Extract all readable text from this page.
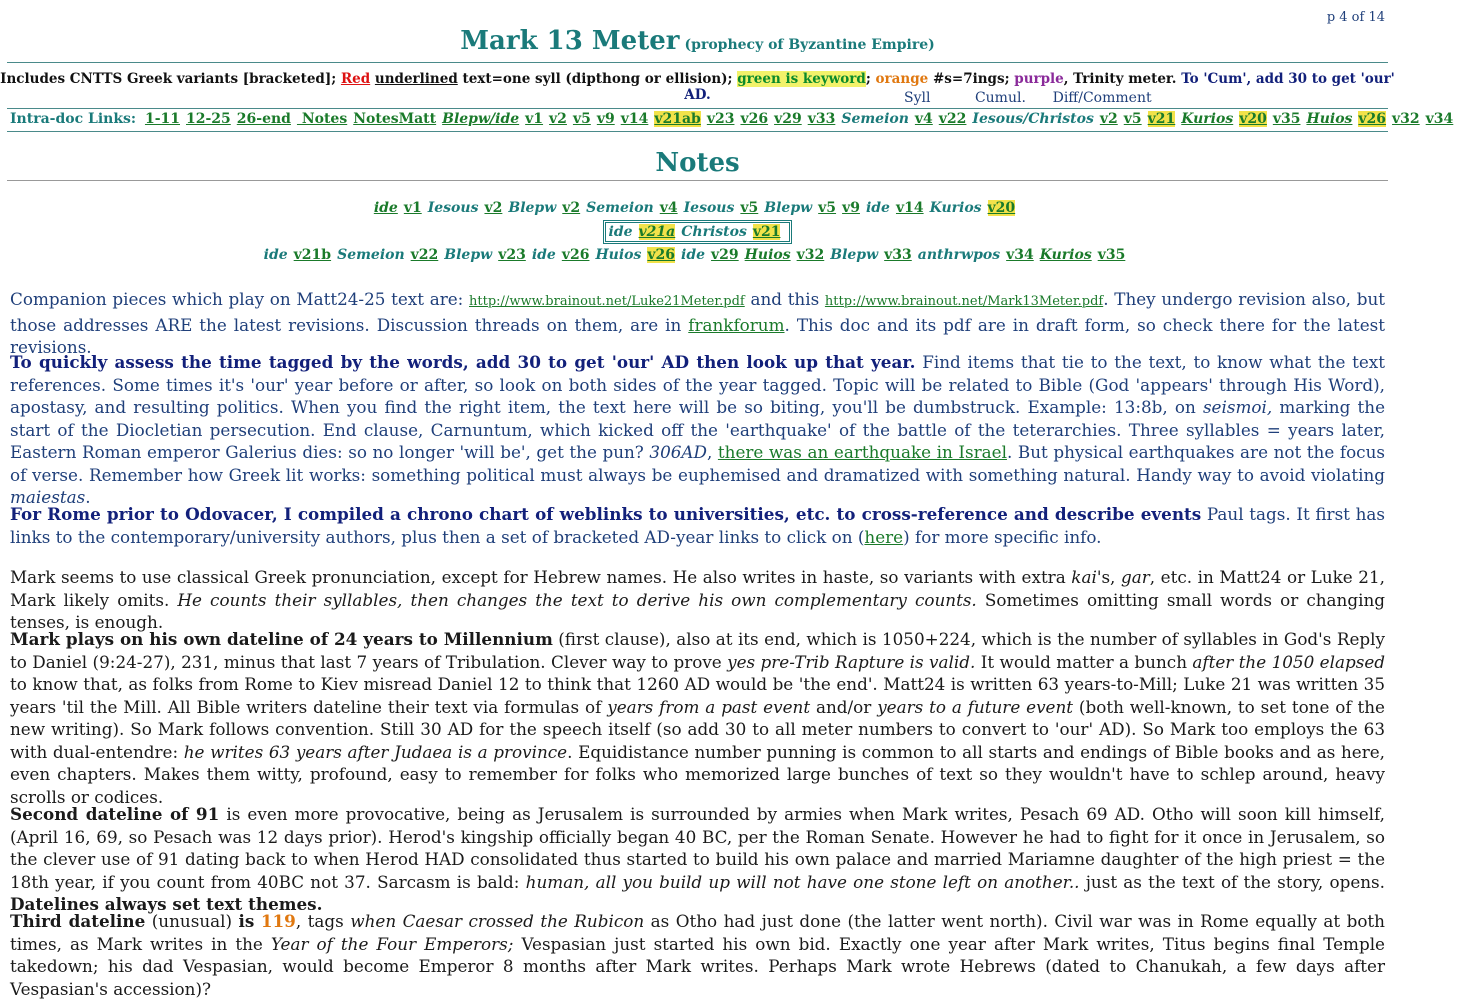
p 4 of 14
Mark 13 Meter (prophecy of Byzantine Empire)
Includes CNTTS Greek variants [bracketed]; Red underlined text=one syll (dipthong or ellision); green is keyword; orange #s=7ings; purple, Trinity meter. To 'Cum', add 30 to get 'our' AD.	Syll          Cumul.      Diff/Comment
Intra-doc Links: 1-11 12-25 26-end Notes NotesMatt Blepw/ide v1 v2 v5 v9 v14 v21ab v23 v26 v29 v33 Semeion v4 v22 Iesous/Christos v2 v5 v21 Kurios v20 v35 Huios v26 v32 v34
Notes
ide v1 Iesous v2 Blepw v2 Semeion v4 Iesous v5 Blepw v5 v9 ide v14 Kurios v20
ide v21a Christos v21
ide v21b Semeion v22 Blepw v23 ide v26 Huios v26 ide v29 Huios v32 Blepw v33 anthrwpos v34 Kurios v35
Companion pieces which play on Matt24-25 text are: http://www.brainout.net/Luke21Meter.pdf and this http://www.brainout.net/Mark13Meter.pdf. They undergo revision also, but those addresses ARE the latest revisions. Discussion threads on them, are in frankforum. This doc and its pdf are in draft form, so check there for the latest revisions.
To quickly assess the time tagged by the words, add 30 to get 'our' AD then look up that year. Find items that tie to the text, to know what the text references. Some times it's 'our' year before or after, so look on both sides of the year tagged. Topic will be related to Bible (God 'appears' through His Word), apostasy, and resulting politics. When you find the right item, the text here will be so biting, you'll be dumbstruck. Example: 13:8b, on seismoi, marking the start of the Diocletian persecution. End clause, Carnuntum, which kicked off the 'earthquake' of the battle of the teterarchies. Three syllables = years later, Eastern Roman emperor Galerius dies: so no longer 'will be', get the pun? 306AD, there was an earthquake in Israel. But physical earthquakes are not the focus of verse. Remember how Greek lit works: something political must always be euphemised and dramatized with something natural. Handy way to avoid violating maiestas.
For Rome prior to Odovacer, I compiled a chrono chart of weblinks to universities, etc. to cross-reference and describe events Paul tags. It first has links to the contemporary/university authors, plus then a set of bracketed AD-year links to click on (here) for more specific info.
Mark seems to use classical Greek pronunciation, except for Hebrew names. He also writes in haste, so variants with extra kai's, gar, etc. in Matt24 or Luke 21, Mark likely omits. He counts their syllables, then changes the text to derive his own complementary counts. Sometimes omitting small words or changing tenses, is enough.
Mark plays on his own dateline of 24 years to Millennium (first clause), also at its end, which is 1050+224, which is the number of syllables in God's Reply to Daniel (9:24-27), 231, minus that last 7 years of Tribulation. Clever way to prove yes pre-Trib Rapture is valid. It would matter a bunch after the 1050 elapsed to know that, as folks from Rome to Kiev misread Daniel 12 to think that 1260 AD would be 'the end'. Matt24 is written 63 years-to-Mill; Luke 21 was written 35 years 'til the Mill. All Bible writers dateline their text via formulas of years from a past event and/or years to a future event (both well-known, to set tone of the new writing). So Mark follows convention. Still 30 AD for the speech itself (so add 30 to all meter numbers to convert to 'our' AD). So Mark too employs the 63 with dual-entendre: he writes 63 years after Judaea is a province. Equidistance number punning is common to all starts and endings of Bible books and as here, even chapters. Makes them witty, profound, easy to remember for folks who memorized large bunches of text so they wouldn't have to schlep around, heavy scrolls or codices.
Second dateline of 91 is even more provocative, being as Jerusalem is surrounded by armies when Mark writes, Pesach 69 AD. Otho will soon kill himself, (April 16, 69, so Pesach was 12 days prior). Herod's kingship officially began 40 BC, per the Roman Senate. However he had to fight for it once in Jerusalem, so the clever use of 91 dating back to when Herod HAD consolidated thus started to build his own palace and married Mariamne daughter of the high priest = the 18th year, if you count from 40BC not 37. Sarcasm is bald: human, all you build up will not have one stone left on another.. just as the text of the story, opens. Datelines always set text themes.
Third dateline (unusual) is 119, tags when Caesar crossed the Rubicon as Otho had just done (the latter went north). Civil war was in Rome equally at both times, as Mark writes in the Year of the Four Emperors; Vespasian just started his own bid. Exactly one year after Mark writes, Titus begins final Temple takedown; his dad Vespasian, would become Emperor 8 months after Mark writes. Perhaps Mark wrote Hebrews (dated to Chanukah, a few days after Vespasian's accession)?
